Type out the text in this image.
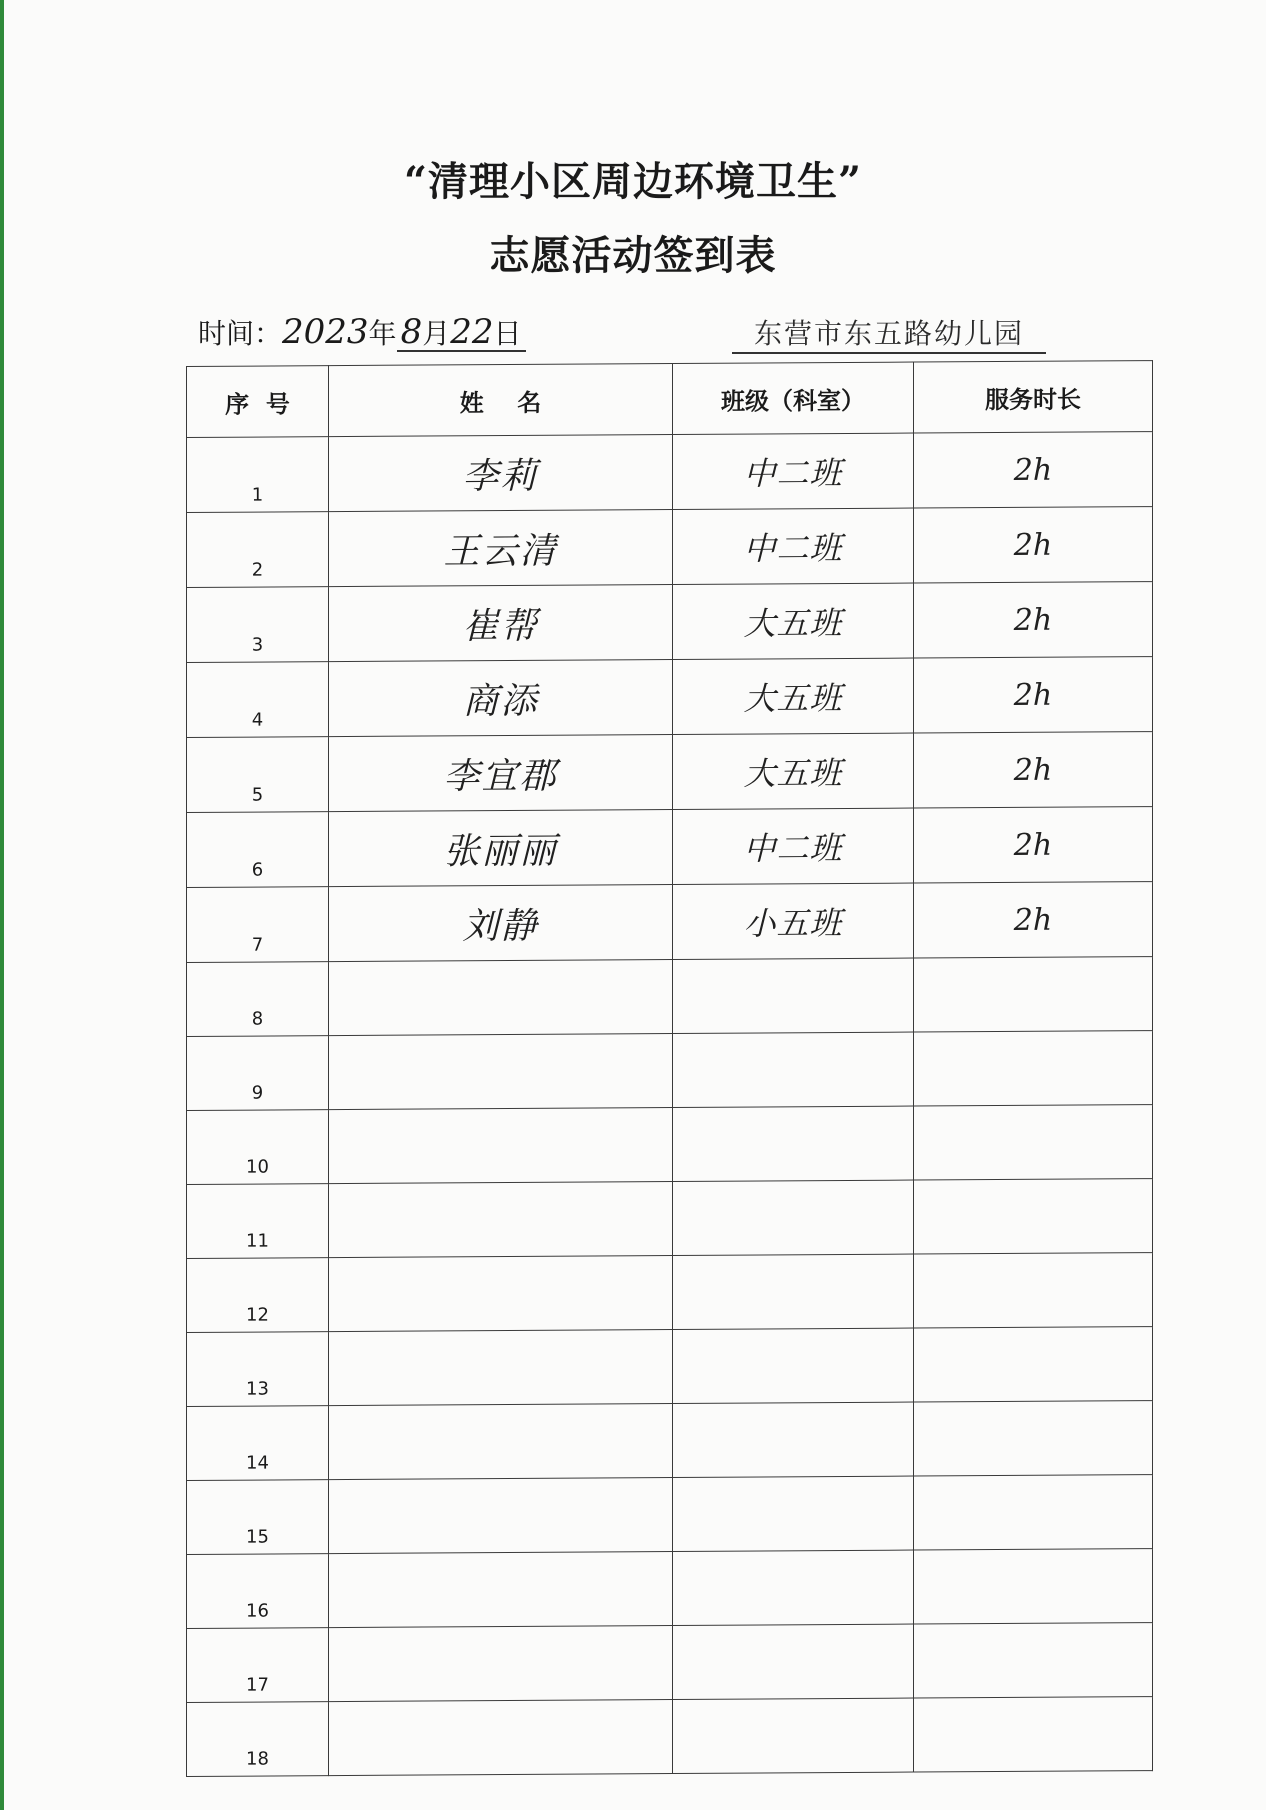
“清理小区周边环境卫生”
志愿活动签到表
时间：2023年 8月22日	东营市东五路幼儿园
序  号	姓    名	班级（科室）	服务时长
1	李莉	中二班	2h
2	王云清	中二班	2h
3	崔帮	大五班	2h
4	商添	大五班	2h
5	李宜郡	大五班	2h
6	张丽丽	中二班	2h
7	刘静	小五班	2h
8			
9			
10			
11			
12			
13			
14			
15			
16			
17			
18			
